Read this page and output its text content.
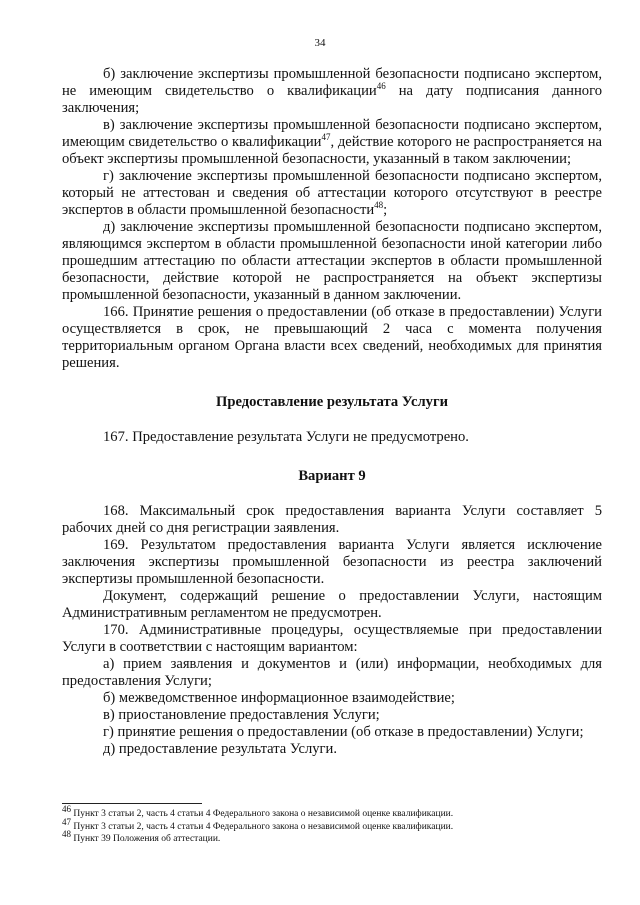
34

б) заключение экспертизы промышленной безопасности подписано экспертом, не имеющим свидетельство о квалификации$^{46}$ на дату подписания данного заключения;

в) заключение экспертизы промышленной безопасности подписано экспертом, имеющим свидетельство о квалификации$^{47}$, действие которого не распространяется на объект экспертизы промышленной безопасности, указанный в таком заключении;

г) заключение экспертизы промышленной безопасности подписано экспертом, который не аттестован и сведения об аттестации которого отсутствуют в реестре экспертов в области промышленной безопасности$^{48}$;

д) заключение экспертизы промышленной безопасности подписано экспертом, являющимся экспертом в области промышленной безопасности иной категории либо прошедшим аттестацию по области аттестации экспертов в области промышленной безопасности, действие которой не распространяется на объект экспертизы промышленной безопасности, указанный в данном заключении.

166. Принятие решения о предоставлении (об отказе в предоставлении) Услуги осуществляется в срок, не превышающий 2 часа с момента получения территориальным органом Органа власти всех сведений, необходимых для принятия решения.

Предоставление результата Услуги

167. Предоставление результата Услуги не предусмотрено.

Вариант 9

168. Максимальный срок предоставления варианта Услуги составляет 5 рабочих дней со дня регистрации заявления.

169. Результатом предоставления варианта Услуги является исключение заключения экспертизы промышленной безопасности из реестра заключений экспертизы промышленной безопасности.

Документ, содержащий решение о предоставлении Услуги, настоящим Административным регламентом не предусмотрен.

170. Административные процедуры, осуществляемые при предоставлении Услуги в соответствии с настоящим вариантом:

а) прием заявления и документов и (или) информации, необходимых для предоставления Услуги;

б) межведомственное информационное взаимодействие;

в) приостановление предоставления Услуги;

г) принятие решения о предоставлении (об отказе в предоставлении) Услуги;

д) предоставление результата Услуги.

$^{46}$ Пункт 3 статьи 2, часть 4 статьи 4 Федерального закона о независимой оценке квалификации.

$^{47}$ Пункт 3 статьи 2, часть 4 статьи 4 Федерального закона о независимой оценке квалификации.

$^{48}$ Пункт 39 Положения об аттестации.
